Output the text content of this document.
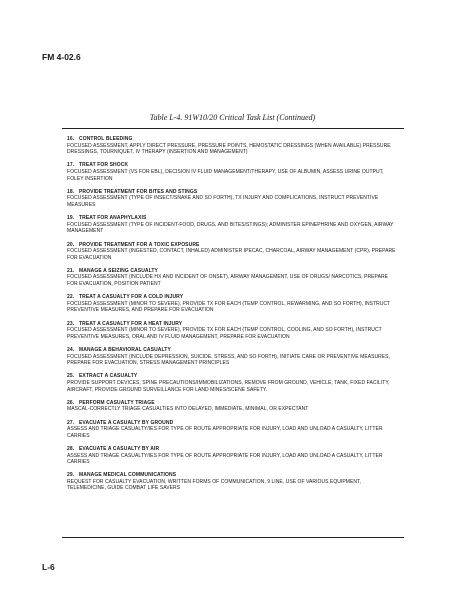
FM 4-02.6
Table L-4. 91W10/20 Critical Task List (Continued)
16. CONTROL BLEEDING
FOCUSED ASSESSMENT, APPLY DIRECT PRESSURE, PRESSURE POINTS, HEMOSTATIC DRESSINGS (WHEN AVAILABLE) PRESSURE DRESSINGS, TOURNIQUET, IV THERAPY (INSERTION AND MANAGEMENT)
17. TREAT FOR SHOCK
FOCUSED ASSESSMENT (VS FOR EBL), DECISION IV FLUID MANAGEMENT/THERAPY, USE OF ALBUMIN, ASSESS URINE OUTPUT, FOLEY INSERTION
18. PROVIDE TREATMENT FOR BITES AND STINGS
FOCUSED ASSESSMENT (TYPE OF INSECT/SNAKE AND SO FORTH), TX INJURY AND COMPLICATIONS, INSTRUCT PREVENTIVE MEASURES
19. TREAT FOR ANAPHYLAXIS
FOCUSED ASSESSMENT (TYPE OF INCIDENT-FOOD, DRUGS, AND BITES/STINGS); ADMINISTER EPINEPHRINE AND OXYGEN, AIRWAY MANAGEMENT
20. PROVIDE TREATMENT FOR A TOXIC EXPOSURE
FOCUSED ASSESSMENT (INGESTED, CONTACT, INHALED) ADMINISTER IPECAC, CHARCOAL, AIRWAY MANAGEMENT (CPR), PREPARE FOR EVACUATION
21. MANAGE A SEIZING CASUALTY
FOCUSED ASSESSMENT (INCLUDE HX AND INCIDENT OF ONSET), AIRWAY MANAGEMENT, USE OF DRUGS/ NARCOTICS, PREPARE FOR EVACUATION, POSITION PATIENT
22. TREAT A CASUALTY FOR A COLD INJURY
FOCUSED ASSESSMENT (MINOR TO SEVERE), PROVIDE TX FOR EACH (TEMP CONTROL, REWARMING, AND SO FORTH), INSTRUCT PREVENTIVE MEASURES, AND PREPARE FOR EVACUATION
23. TREAT A CASUALTY FOR A HEAT INJURY
FOCUSED ASSESSMENT (MINOR TO SEVERE), PROVIDE TX FOR EACH (TEMP CONTROL, COOLING, AND SO FORTH), INSTRUCT PREVENTIVE MEASURES, ORAL AND IV FLUID MANAGEMENT, PREPARE FOR EVACUATION
24. MANAGE A BEHAVIORAL CASUALTY
FOCUSED ASSESSMENT (INCLUDE DEPRESSION, SUICIDE, STRESS, AND SO FORTH), INITIATE CARE OR PREVENTIVE MEASURES, PREPARE FOR EVACUATION, STRESS MANAGEMENT PRINCIPLES
25. EXTRACT A CASUALTY
PROVIDE SUPPORT DEVICES, SPINE PRECAUTIONS/IMMOBILIZATIONS, REMOVE FROM GROUND, VEHICLE, TANK, FIXED FACILITY, AIRCRAFT, PROVIDE GROUND SURVEILLANCE FOR LAND MINES/SCENE SAFETY.
26. PERFORM CASUALTY TRIAGE
MASCAL-CORRECTLY TRIAGE CASUALTIES INTO DELAYED, IMMEDIATE, MINIMAL, OR EXPECTANT
27. EVACUATE A CASUALTY BY GROUND
ASSESS AND TRIAGE CASUALTY/IES FOR TYPE OF ROUTE APPROPRIATE FOR INJURY, LOAD AND UNLOAD A CASUALTY, LITTER CARRIES
28. EVACUATE A CASUALTY BY AIR
ASSESS AND TRIAGE CASUALTY/IES FOR TYPE OF ROUTE APPROPRIATE FOR INJURY, LOAD AND UNLOAD A CASUALTY, LITTER CARRIES
29. MANAGE MEDICAL COMMUNICATIONS
REQUEST FOR CASUALTY EVACUATION, WRITTEN FORMS OF COMMUNICATION, 9 LINE, USE OF VARIOUS EQUIPMENT, TELEMEDICINE, GUIDE COMBAT LIFE SAVERS
L-6
